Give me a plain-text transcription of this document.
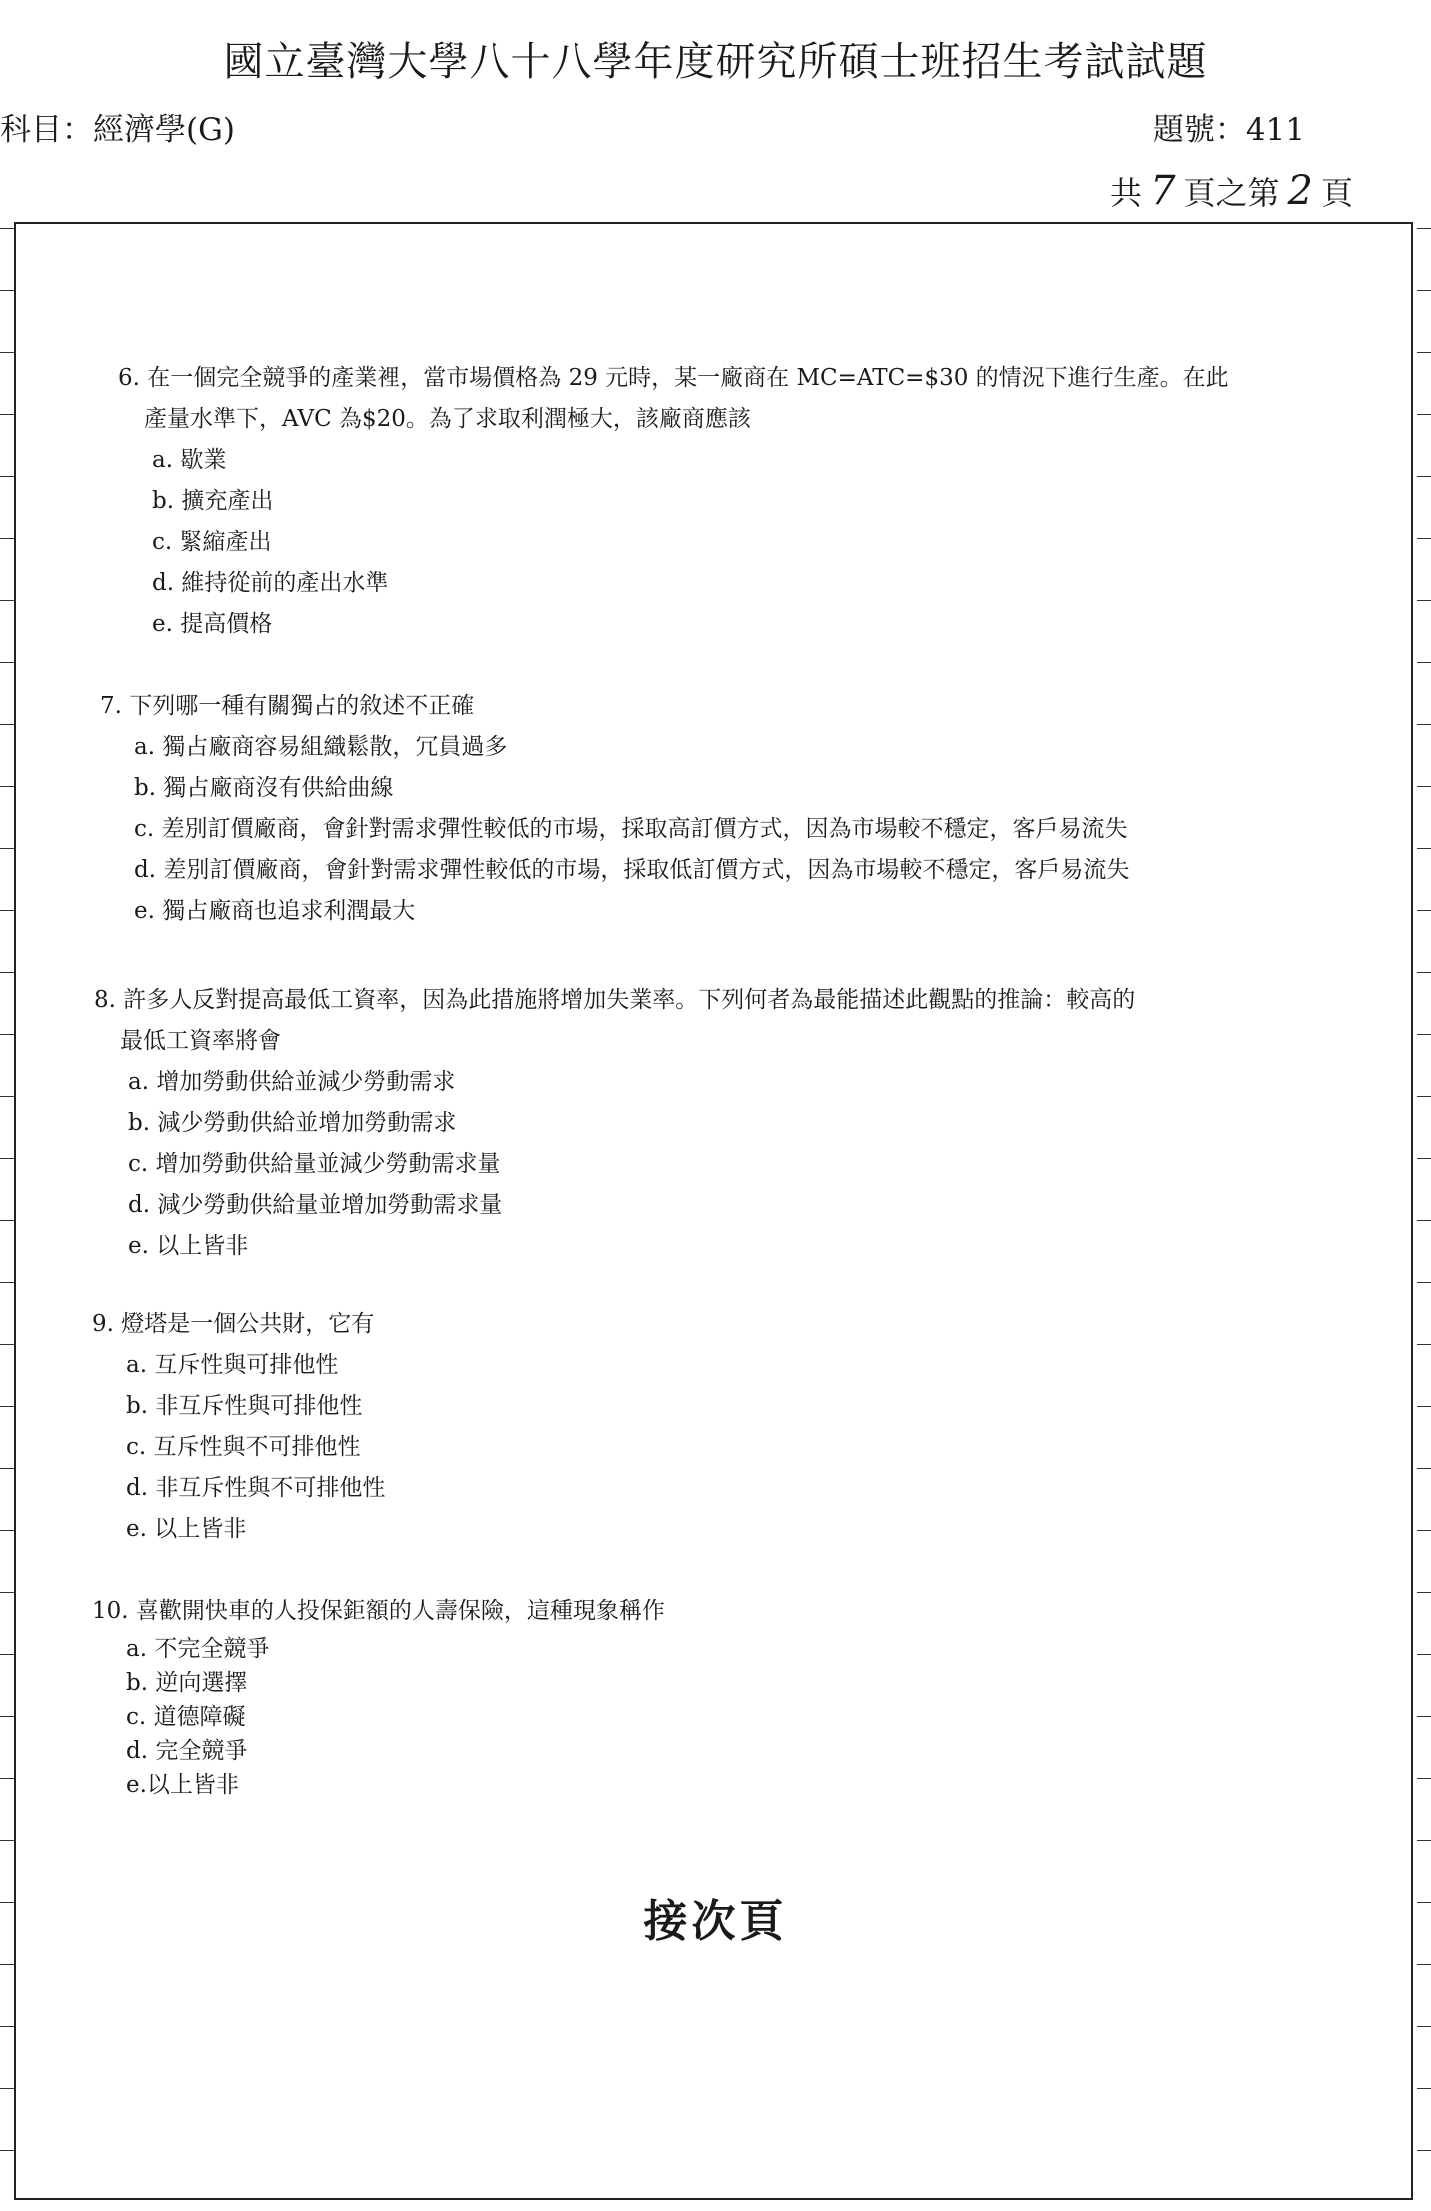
國立臺灣大學八十八學年度研究所碩士班招生考試試題
科目：經濟學(G)	題號：411
共 7 頁之第 2 頁
6. 在一個完全競爭的產業裡，當市場價格為 29 元時，某一廠商在 MC=ATC=$30 的情況下進行生產。在此
產量水準下，AVC 為$20。為了求取利潤極大，該廠商應該
a. 歇業
b. 擴充產出
c. 緊縮產出
d. 維持從前的產出水準
e. 提高價格
7. 下列哪一種有關獨占的敘述不正確
a. 獨占廠商容易組織鬆散，冗員過多
b. 獨占廠商沒有供給曲線
c. 差別訂價廠商，會針對需求彈性較低的市場，採取高訂價方式，因為市場較不穩定，客戶易流失
d. 差別訂價廠商，會針對需求彈性較低的市場，採取低訂價方式，因為市場較不穩定，客戶易流失
e. 獨占廠商也追求利潤最大
8. 許多人反對提高最低工資率，因為此措施將增加失業率。下列何者為最能描述此觀點的推論：較高的
最低工資率將會
a. 增加勞動供給並減少勞動需求
b. 減少勞動供給並增加勞動需求
c. 增加勞動供給量並減少勞動需求量
d. 減少勞動供給量並增加勞動需求量
e. 以上皆非
9. 燈塔是一個公共財，它有
a. 互斥性與可排他性
b. 非互斥性與可排他性
c. 互斥性與不可排他性
d. 非互斥性與不可排他性
e. 以上皆非
10. 喜歡開快車的人投保鉅額的人壽保險，這種現象稱作
a. 不完全競爭
b. 逆向選擇
c. 道德障礙
d. 完全競爭
e.以上皆非
接次頁
